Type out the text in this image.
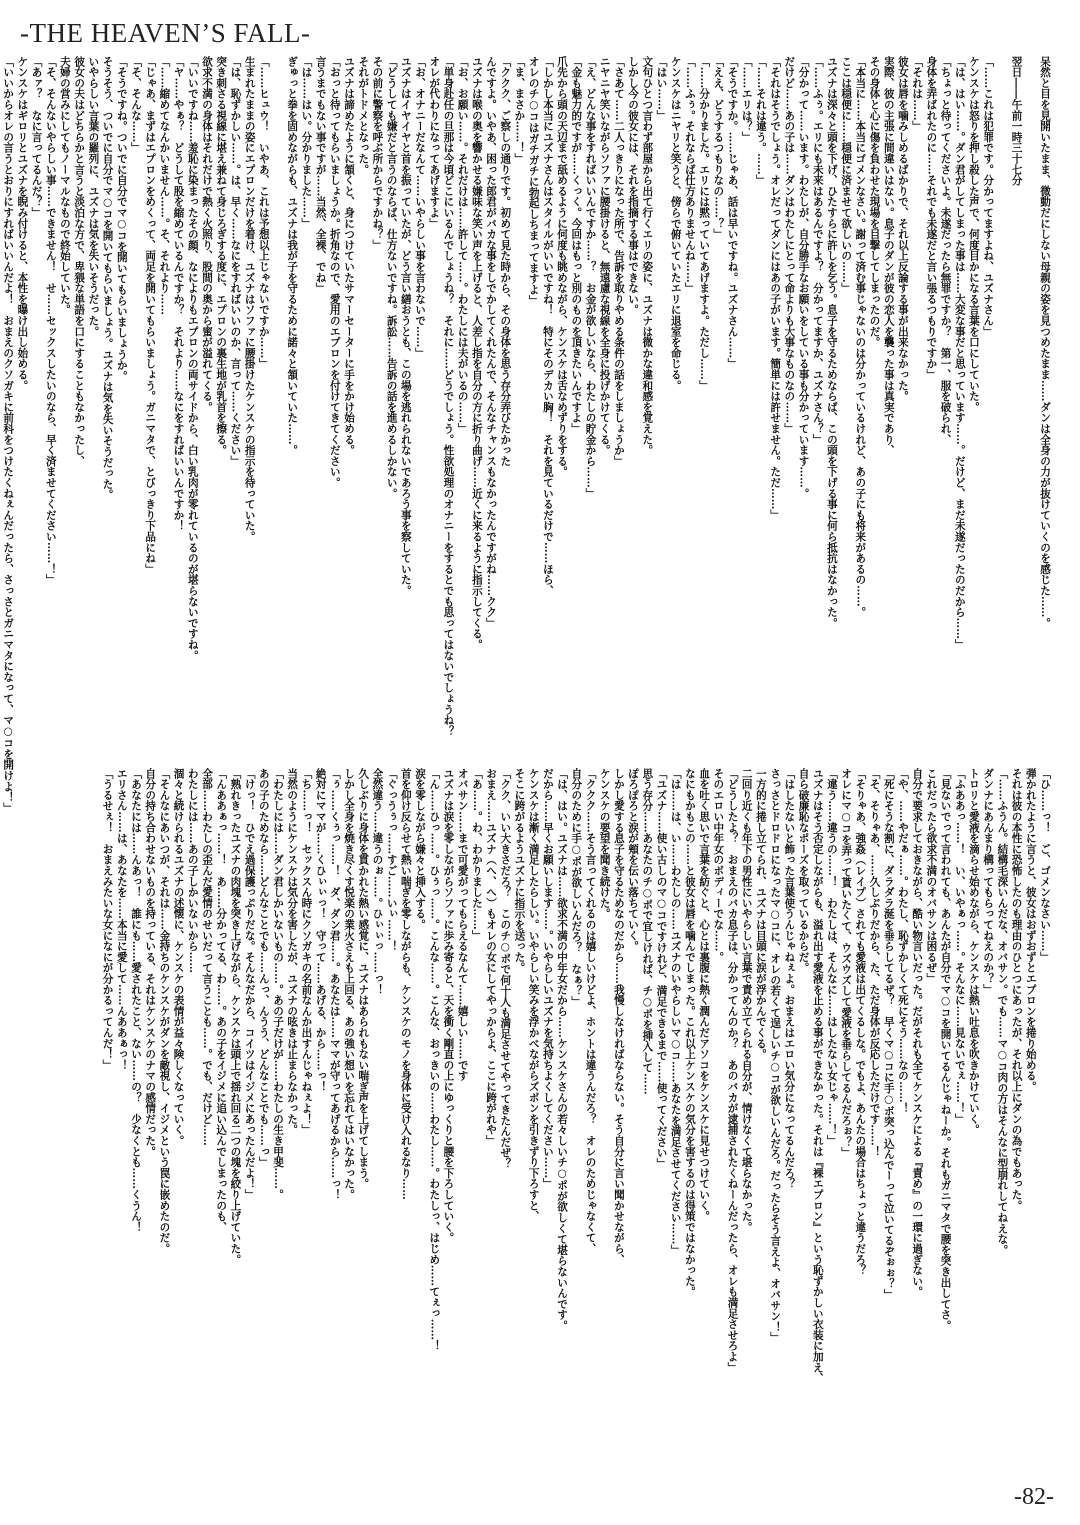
-THE HEAVEN’S FALL-
呆然と目を見開いたまま、微動だにしない母親の姿を見つめたまま……ダンは全身の力が抜けていくのを感じた……。

翌日――午前一時三十七分

「……これは犯罪です。分かってますよね、ユズナさん」
ケンスケは怒りを押し殺した声で、何度目かになる言葉を口にしていた。
「は、はい……。ダン君がしてしまった事は……大変な事だと思っています……。だけど、まだ未遂だったのだから……」
「ちょっと待ってくださいよ。未遂だったら無罪ですか？　第一、服を破られ、
身体を弄ばれたのに……それでも未遂だと言い張るつもりですか」
「それは……」
彼女は唇を噛みしめるばかりで、それ以上反論する事が出来なかった。
実際、彼の主張に間違いはない。息子のダンが彼の恋人を襲った事は真実であり、
その身体と心に傷を負わせた現場を目撃してしまったのだ。
「本当に……本当にゴメンなさい。謝って済む事じゃないのは分かっているけれど、あの子にも将来があるの……。
ここは穏便に……穏便に済ませて欲しいの……」
ユズナは深々と頭を下げ、ひたすらに許しを乞う。息子を守るためならば、この頭を下げる事に何ら抵抗はなかった。
「……ふぅ。エリにも未来はあるんですよ？　分かってますか、ユズナさん？」
「分かって……います。わたしが、自分勝手なお願いをしている事も分かっています……。
だけど……あの子は……ダンはわたしにとって命よりも大事なものなの……」
「それはそうでしょう。オレだってダンにはあの子がいます。簡単には許せません。ただ……」
「……それは違う。……」
「……エリは？」
「そうですか。……じゃあ、話は早いですね。ユズナさん……」
「ええ、どうするつもりなの……？」
「……分かりました。エリには黙っていてあげますよ。ただし……」
「……ふぅ。それならば仕方ありませんね……」
ケンスケはニヤリと笑うと、傍らで俯いていたエリに退室を命じる。
「はい……」
文句ひとつ言わず部屋から出て行くエリの姿に、ユズナは微かな違和感を覚えた。
しかし今の彼女には、それを指摘する事はできない。
「さあて……二人っきりになった所で、告訴を取りやめる条件の話をしましょうか」
ニヤニヤ笑いながらソファに腰掛けると、無遠慮な視線を全身に投げかけてくる。
「え、どんな事をすればいいんですか……？　お金が欲しいなら、わたしの貯金から……」
「金も魅力的ですが……くっく。今回はもっと別のものを頂きたいんですよ」
爪先から頭の天辺まで舐めるように何度も眺めながら、ケンスケは舌なめずりをする。
「しかし本当にユズナさんはスタイルがいいですね！　特にそのデカい胸！　それを見ているだけで……ほら、
オレのチ○コはガチガチに勃起しちまってますよ」
「ま、まさか……！」
「ククク、ご察しの通りです。初めて見た時から、その身体を思う存分弄びたかった
んですよ。いやあ、困った郎君がバカな事をしでかしてくれたんで、そんなチャンスもなかったんですがね……クク」
ユズナは喉の奥を響かせる嫌味な笑い声を上げると、人差し指を自分の方に折り曲げ……近くに来るように指示してくる。
「お、お願い……。それだけは……許して……。わたしには夫がいるの……」
「単身赴任の旦那は今頃どこにいるんでしょうね？　それに……どうでしょう。性欲処理のオナニーをするとでも思ってはないでしょうね？
オレが代わりになってあげますよ」
「お、オナニーだなんて……いやらしい事を言わないで……」
ユズナはイヤイヤと首を振っていたが、どう言い繕おうとも、この場を逃れられないであろう事を察していた。
「どうしても嫌だと言うのならば、仕方ないですね。訴訟……告訴の話を進めるしかない。
その前に警察を呼ぶ所からですかね？」
それがトドメとなった。
ユズナは諦めたように頷くと、身につけていたサマーセーターに手をかけ始める。
「おっと待ってもらいましょうか。折角なので、愛用のエプロンを付けてきてください。
言うまでもない事ですが……当然、全裸、でね」
「は……はい。分かりました……」
ぎゅっと拳を固めながらも、ユズナは我が子を守るために諾々と頷いていた……。

「……ヒュウ！　いやあ、これは予想以上じゃないですか……」
生まれたままの姿にエプロンだけを着け、ユズナはソファに腰掛けたケンスケの指示を待っていた。
「は、恥ずかしい……。は、早く……なにをすればいいのか、言って……ください」
突き刺さる視線に堪え兼ねて身じろぎする度に、エプロンの裏生地が乳首を擦る。
欲求不満の身体はそれだけで熱く火照り、股間の奥から蜜が溢れてくる。
「いいですね……羞恥に染まったその顔、なによりもエプロンの両サイドから、白い乳肉が零れているのが堪らないですね。
「ヤ……やぁ？　どうして股を縮めているんですか？　それより……なにをすればいいんですか！
「……縮めてなんかいません……。そ、それより……
「じゃあ、まずはエプロンをめくって、両足を開いてもらいましょう。ガニマタで、とびっきり下品にね」
「そ、そんな……」
「そうですね。ついでに自分でマ○コを開いてもらいましょうか。
そうそう、ついでに自分でマ○コを開いてもらいましょう。ユズナは気を失いそうだった。
いやらしい言葉の羅列に、ユズナは気を失いそうだった。
彼女の夫はどちらかと言うと淡泊な方で、卑猥な単語を口にすることもなかったし、
夫婦の営みにしてもノーマルなもので終始していた。
「そ、そんないやらしい事……できません！　せ……セックスしたいのなら、早く済ませてください……！」
「あァ？　なに言ってるんだ？」
ケンスケはギロリとユズナを睨み付けると、本性を曝け出し始める。
「いいからオレの言うとおりにすればいいんだよ！　おまえのクソガキに前科をつけたくねぇんだったら、さっさとガニマタになって、マ○コを開けよ！」
「ひ……っ！　ご、ゴメンなさい……」
弾かれたように言うと、彼女はおずおずとエプロンを捲り始める。
それは彼の本性に恐怖したのも理由のひとつにあったが、それ以上にダンの為でもあった。
「……ふうん。結構毛深いんだな、オバサン。でも……マ○コ肉の方はそんなに型崩れしてねえな。
ダンナにあんまり構ってもらってねえのか？」
トロリと愛液を滴らせ始めながら、ケンスケは熱い吐息を吹きかけていく。
「ふああっ……！　い、いやぁっ……。そんなに……見ないでぇ……！」
「見ないでって言われても、あんたが自分でマ○コを開いてるんじゃねーか。それもガニマタで腰を突き出してさ。
これだったら欲求不満のオバサンは困るぜ」
自分で要求しておきながら、酷い物言いだった。だがそれも全てケンスケによる『責め』の一環に過ぎない。
「や、……やだぁ……。わたし、恥ずかしくて死にそう……なの……！
「死にそうな割に、ダラダラ涎を垂らしてるぜ？　早くマ○コに手○ボ突っ込んでーって泣いてるぞぉぉ？」
「そ、そりゃあ、……久しぶりだから、た、ただ身体が反応しただけです……！
「そりゃあ、強姦（レイプ）されても愛液は出てくるしな。でもよ、あんたの場合はちょっと違うだろ？
オレにマ○コを弄って貰いたくて、ウズウズして愛液を垂らしてるんだろぉ？」
「違う……違うの……！　わたしは、そんなに……はしたない女じゃ……！」
ユズナはそう否定しながらも、溢れ出す愛液を止める事ができなかった。それは『裸エプロン』という恥ずかしい衣装に加え、
自ら破廉恥なポーズを取っているからだ。
「はしたないと飾った言葉使うんじゃねぇよ。おまえはエロい気分になってるんだろ？
さっさとドロドロになったマ○コに、オレの若くて逞しいチ○コが欲しいんだろ。だったらそう言えよ、オバサン！」
一方的に捲し立てられ、ユズナは目頭に涙が浮かんでくる。
二回り近くも年下の男性にいやらしい言葉で責め立てられる自分が、情けなくて堪らなかった。
「どうしたよ？　おまえのバカ息子は、分かってんのか？　あのバカが逮捕されたくねーんだったら、オレも満足させろよ」
そのエロい中年女のボディーでな……。
血を吐く思いで言葉を紡ぐと、心とは裏腹に熱く潤んだアソコをケンスケに見せつけていく。
なにもかもこの……と彼女は唇を噛んでしまった。これ以上ケンスケの気分を害するのは得策ではなかった。
「は……は、い……わたしの……ユズナのいやらしいマ○コ……あなたを満足させてください……」
「ユズナ……使い古しのマ○コですけれど、満足できるまで……使ってください」
思う存分……あなたのチ○ポで宜しければ、チ○ポを挿入して……
ぽろぽろと涙が頬を伝い落ちていく。
しかし愛する息子を守るためなのだから……我慢しなければならない。そう自分に言い聞かせながら、
ケンスケの要望を聞き続けた。
「ククク……そう言ってくれるのは嬉しいけどよ、ホントは違うんだろ？　オレのためじゃなくて、
自分のために手○ポが欲しいんだろ？　なぁ？」
「は、はい。ユズナは……欲求不満の中年女だから……ケンスケさんの若々しいチ○ポが欲しくて堪らないんです。
だから……早くお願いします……。いやらしいユズナを気持ちよくしてください……」
ケンスケは漸く満足したらしい。いやらしい笑みを浮かべながらズボンを引きずり下ろすと、
そこに跨がるようユズナに指示を送った。
「クク、いい大きさだろ？　このチ○ポで何十人も満足させてやってきたんだぜ？
おまえ……ユズナ（へ、へ）もオレの女にしてやっからよ、ここに跨がれや」
「あ……。わ、わかりました……」
オバサン……まで可愛がってもらえるなんて……嬉しい……です
ユズナは涙を零しながらソファに歩み寄ると、天を衝く剛直の上にゆっくりと腰を下ろしていく。
「ん……ひっ……。ひぅっ……。こんな……。こんな、おっきいの……わたし……。わたしっ、はじめ……てぇっ……！
涙を零しながら嫌々と挿入する。
首を仰け反らせて熱い喘ぎを零しながらも、ケンスケのモノを身体に受け入れるなり……
「ぐっうぅっ……すご……いぃ……！
全然違う……違うのぉ……。ひぃぃっ……っ！
久しぶりに身体を貫かれた熱い感覚に、ユズナはあられもない喘ぎ声を上げてしまう。
しかし全身を焼き尽くす悦楽の業火さえも上回る、あの強い想いを忘れてはいなかった。
「ぅ……くぅっ……！　ダ、ダン君……。あなたは……ママが守ってあげるから……っ！
絶対にママが……くひぃぃっ！　守って……あげる、から……っ！
「ち……っ！　セックスん時にクソガキの名前なんか出すんじゃねぇよ！」
当然のようにケンスケは気分を害したが、ユズナの呟きは止まらなかった。
「わたしには……ダン君しかいないもの……。あの子だけが……わたしの生き甲斐……。
あの子のためなら……どんなことでも……んっ、んうう、どんなことでも……っ」
「けっ！　ひでえ過保護っぷりだな。そんなだから、コイツはイジメにあったんだよ！」
「熟れきったユズナの肉塊を突き上げながら、ケンスケは頭上で揺れ回る二つの塊を絞り上げていた。
「んああぁっ……！　あ……分かってる、わ……。あの子をイジメに追い込んでしまったのも、
全部……わたしの歪んだ愛情のせいだって言うことも……。でも、だけど……
わたしには……あの子しかいないから……
涸々と続けられるユズナの述懐に、ケンスケの表情が益々険しくなっていく。
「そんなにあいつが、それは……金持ちのケンスケがダンを敵視し、イジメという罠に嵌めたのだ。
自分の持ち合わせないものを持っている、それはケンスケのナマの感情だった。
「あなたには……んあっ！　誰にも……愛されたこと、ない……の？　少なくとも……くうん！
エリさん……は、あなたを……本当に愛して……んああぁっ！
「うるせぇ！　おまえみたいな女になにが分かるってんだ！」
-82-
